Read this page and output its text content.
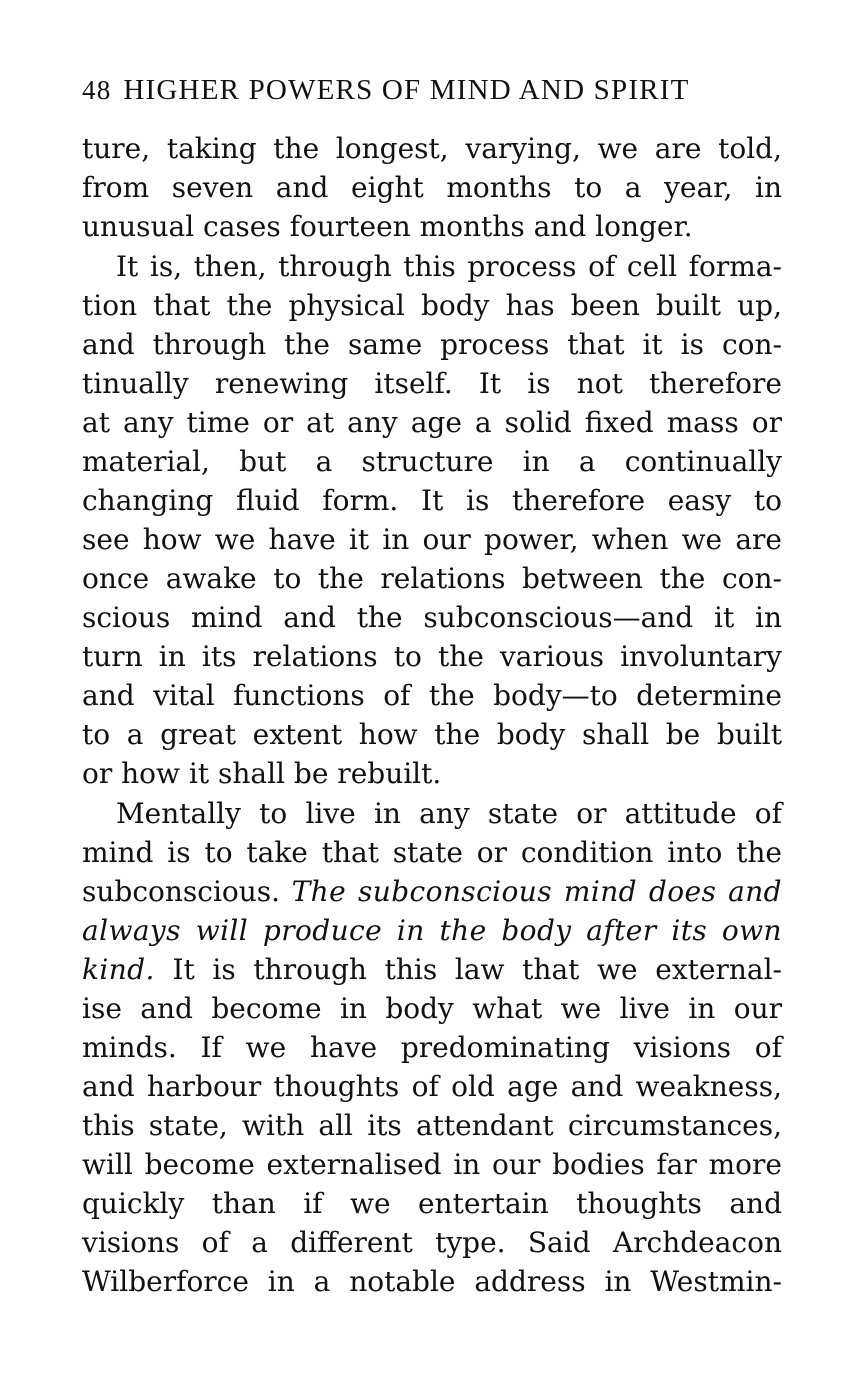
48 HIGHER POWERS OF MIND AND SPIRIT
ture, taking the longest, varying, we are told,
from seven and eight months to a year, in
unusual cases fourteen months and longer.
It is, then, through this process of cell forma-
tion that the physical body has been built up,
and through the same process that it is con-
tinually renewing itself. It is not therefore
at any time or at any age a solid fixed mass or
material, but a structure in a continually
changing fluid form. It is therefore easy to
see how we have it in our power, when we are
once awake to the relations between the con-
scious mind and the subconscious—and it in
turn in its relations to the various involuntary
and vital functions of the body—to determine
to a great extent how the body shall be built
or how it shall be rebuilt.
Mentally to live in any state or attitude of
mind is to take that state or condition into the
subconscious. The subconscious mind does and
always will produce in the body after its own
kind. It is through this law that we external-
ise and become in body what we live in our
minds. If we have predominating visions of
and harbour thoughts of old age and weakness,
this state, with all its attendant circumstances,
will become externalised in our bodies far more
quickly than if we entertain thoughts and
visions of a different type. Said Archdeacon
Wilberforce in a notable address in Westmin-
